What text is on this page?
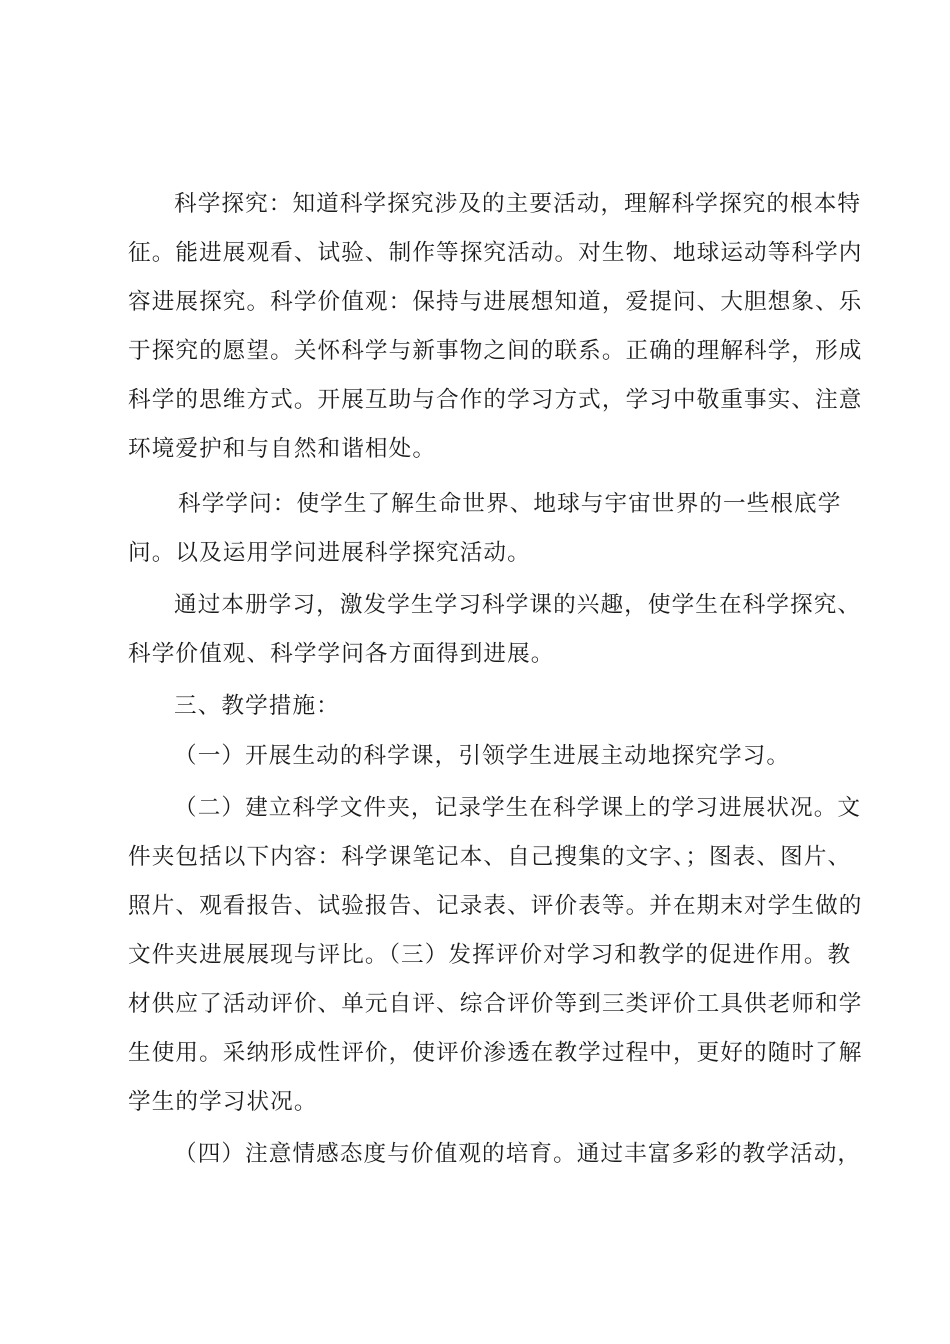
科学探究：知道科学探究涉及的主要活动，理解科学探究的根本特
征。能进展观看、试验、制作等探究活动。对生物、地球运动等科学内
容进展探究。科学价值观：保持与进展想知道，爱提问、大胆想象、乐
于探究的愿望。关怀科学与新事物之间的联系。正确的理解科学，形成
科学的思维方式。开展互助与合作的学习方式，学习中敬重事实、注意
环境爱护和与自然和谐相处。
科学学问：使学生了解生命世界、地球与宇宙世界的一些根底学
问。以及运用学问进展科学探究活动。
通过本册学习，激发学生学习科学课的兴趣，使学生在科学探究、
科学价值观、科学学问各方面得到进展。
三、教学措施：
（一）开展生动的科学课，引领学生进展主动地探究学习。
（二）建立科学文件夹，记录学生在科学课上的学习进展状况。文
件夹包括以下内容：科学课笔记本、自己搜集的文字、；图表、图片、
照片、观看报告、试验报告、记录表、评价表等。并在期末对学生做的
文件夹进展展现与评比。（三）发挥评价对学习和教学的促进作用。教
材供应了活动评价、单元自评、综合评价等到三类评价工具供老师和学
生使用。采纳形成性评价，使评价渗透在教学过程中，更好的随时了解
学生的学习状况。
（四）注意情感态度与价值观的培育。通过丰富多彩的教学活动，
